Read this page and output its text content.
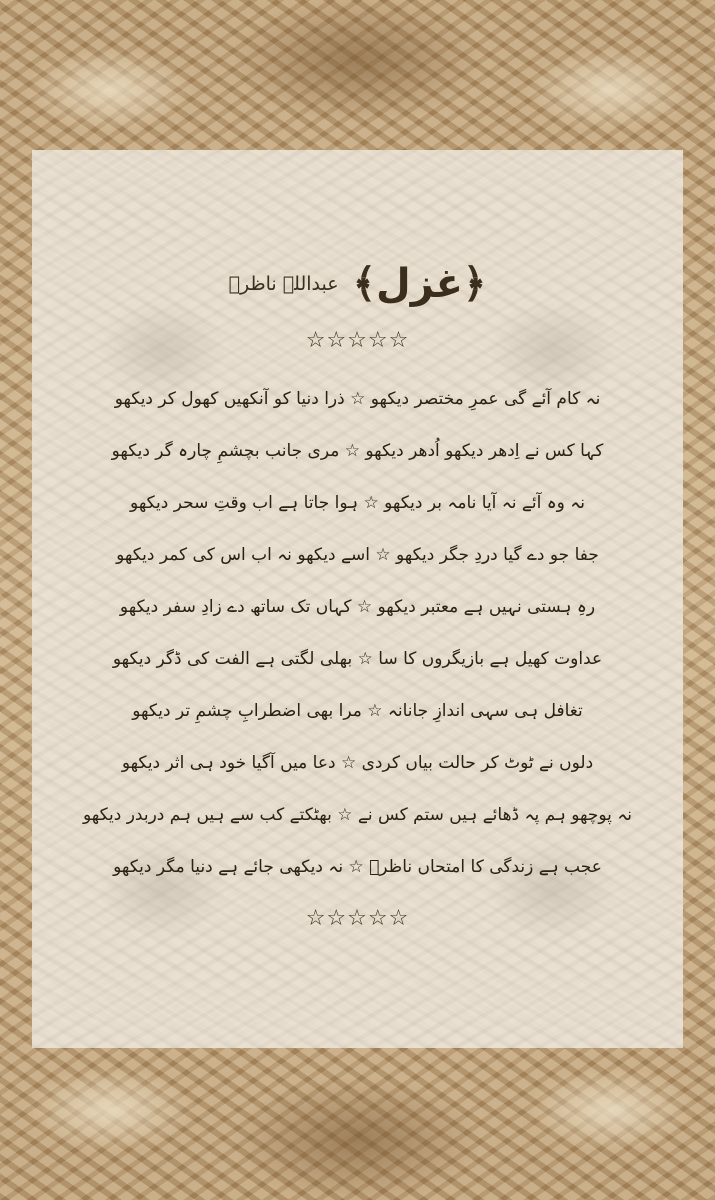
﴿غزل﴾
عبداللہ ناظرؔ
☆☆☆☆☆
نہ کام آئے گی عمرِ مختصر دیکھو ☆ ذرا دنیا کو آنکھیں کھول کر دیکھو
کہا کس نے اِدھر دیکھو اُدھر دیکھو ☆ مری جانب بچشمِ چارہ گر دیکھو
نہ وہ آئے نہ آیا نامہ بر دیکھو ☆ ہوا جاتا ہے اب وقتِ سحر دیکھو
جفا جو دے گیا دردِ جگر دیکھو ☆ اسے دیکھو نہ اب اس کی کمر دیکھو
رہِ ہستی نہیں ہے معتبر دیکھو ☆ کہاں تک ساتھ دے زادِ سفر دیکھو
عداوت کھیل ہے بازیگروں کا سا ☆ بھلی لگتی ہے الفت کی ڈگر دیکھو
تغافل ہی سہی اندازِ جانانہ ☆ مرا بھی اضطرابِ چشمِ تر دیکھو
دلوں نے ٹوٹ کر حالت بیاں کردی ☆ دعا میں آگیا خود ہی اثر دیکھو
نہ پوچھو ہم پہ ڈھائے ہیں ستم کس نے ☆ بھٹکتے کب سے ہیں ہم دربدر دیکھو
عجب ہے زندگی کا امتحاں ناظرؔ ☆ نہ دیکھی جائے ہے دنیا مگر دیکھو
☆☆☆☆☆
